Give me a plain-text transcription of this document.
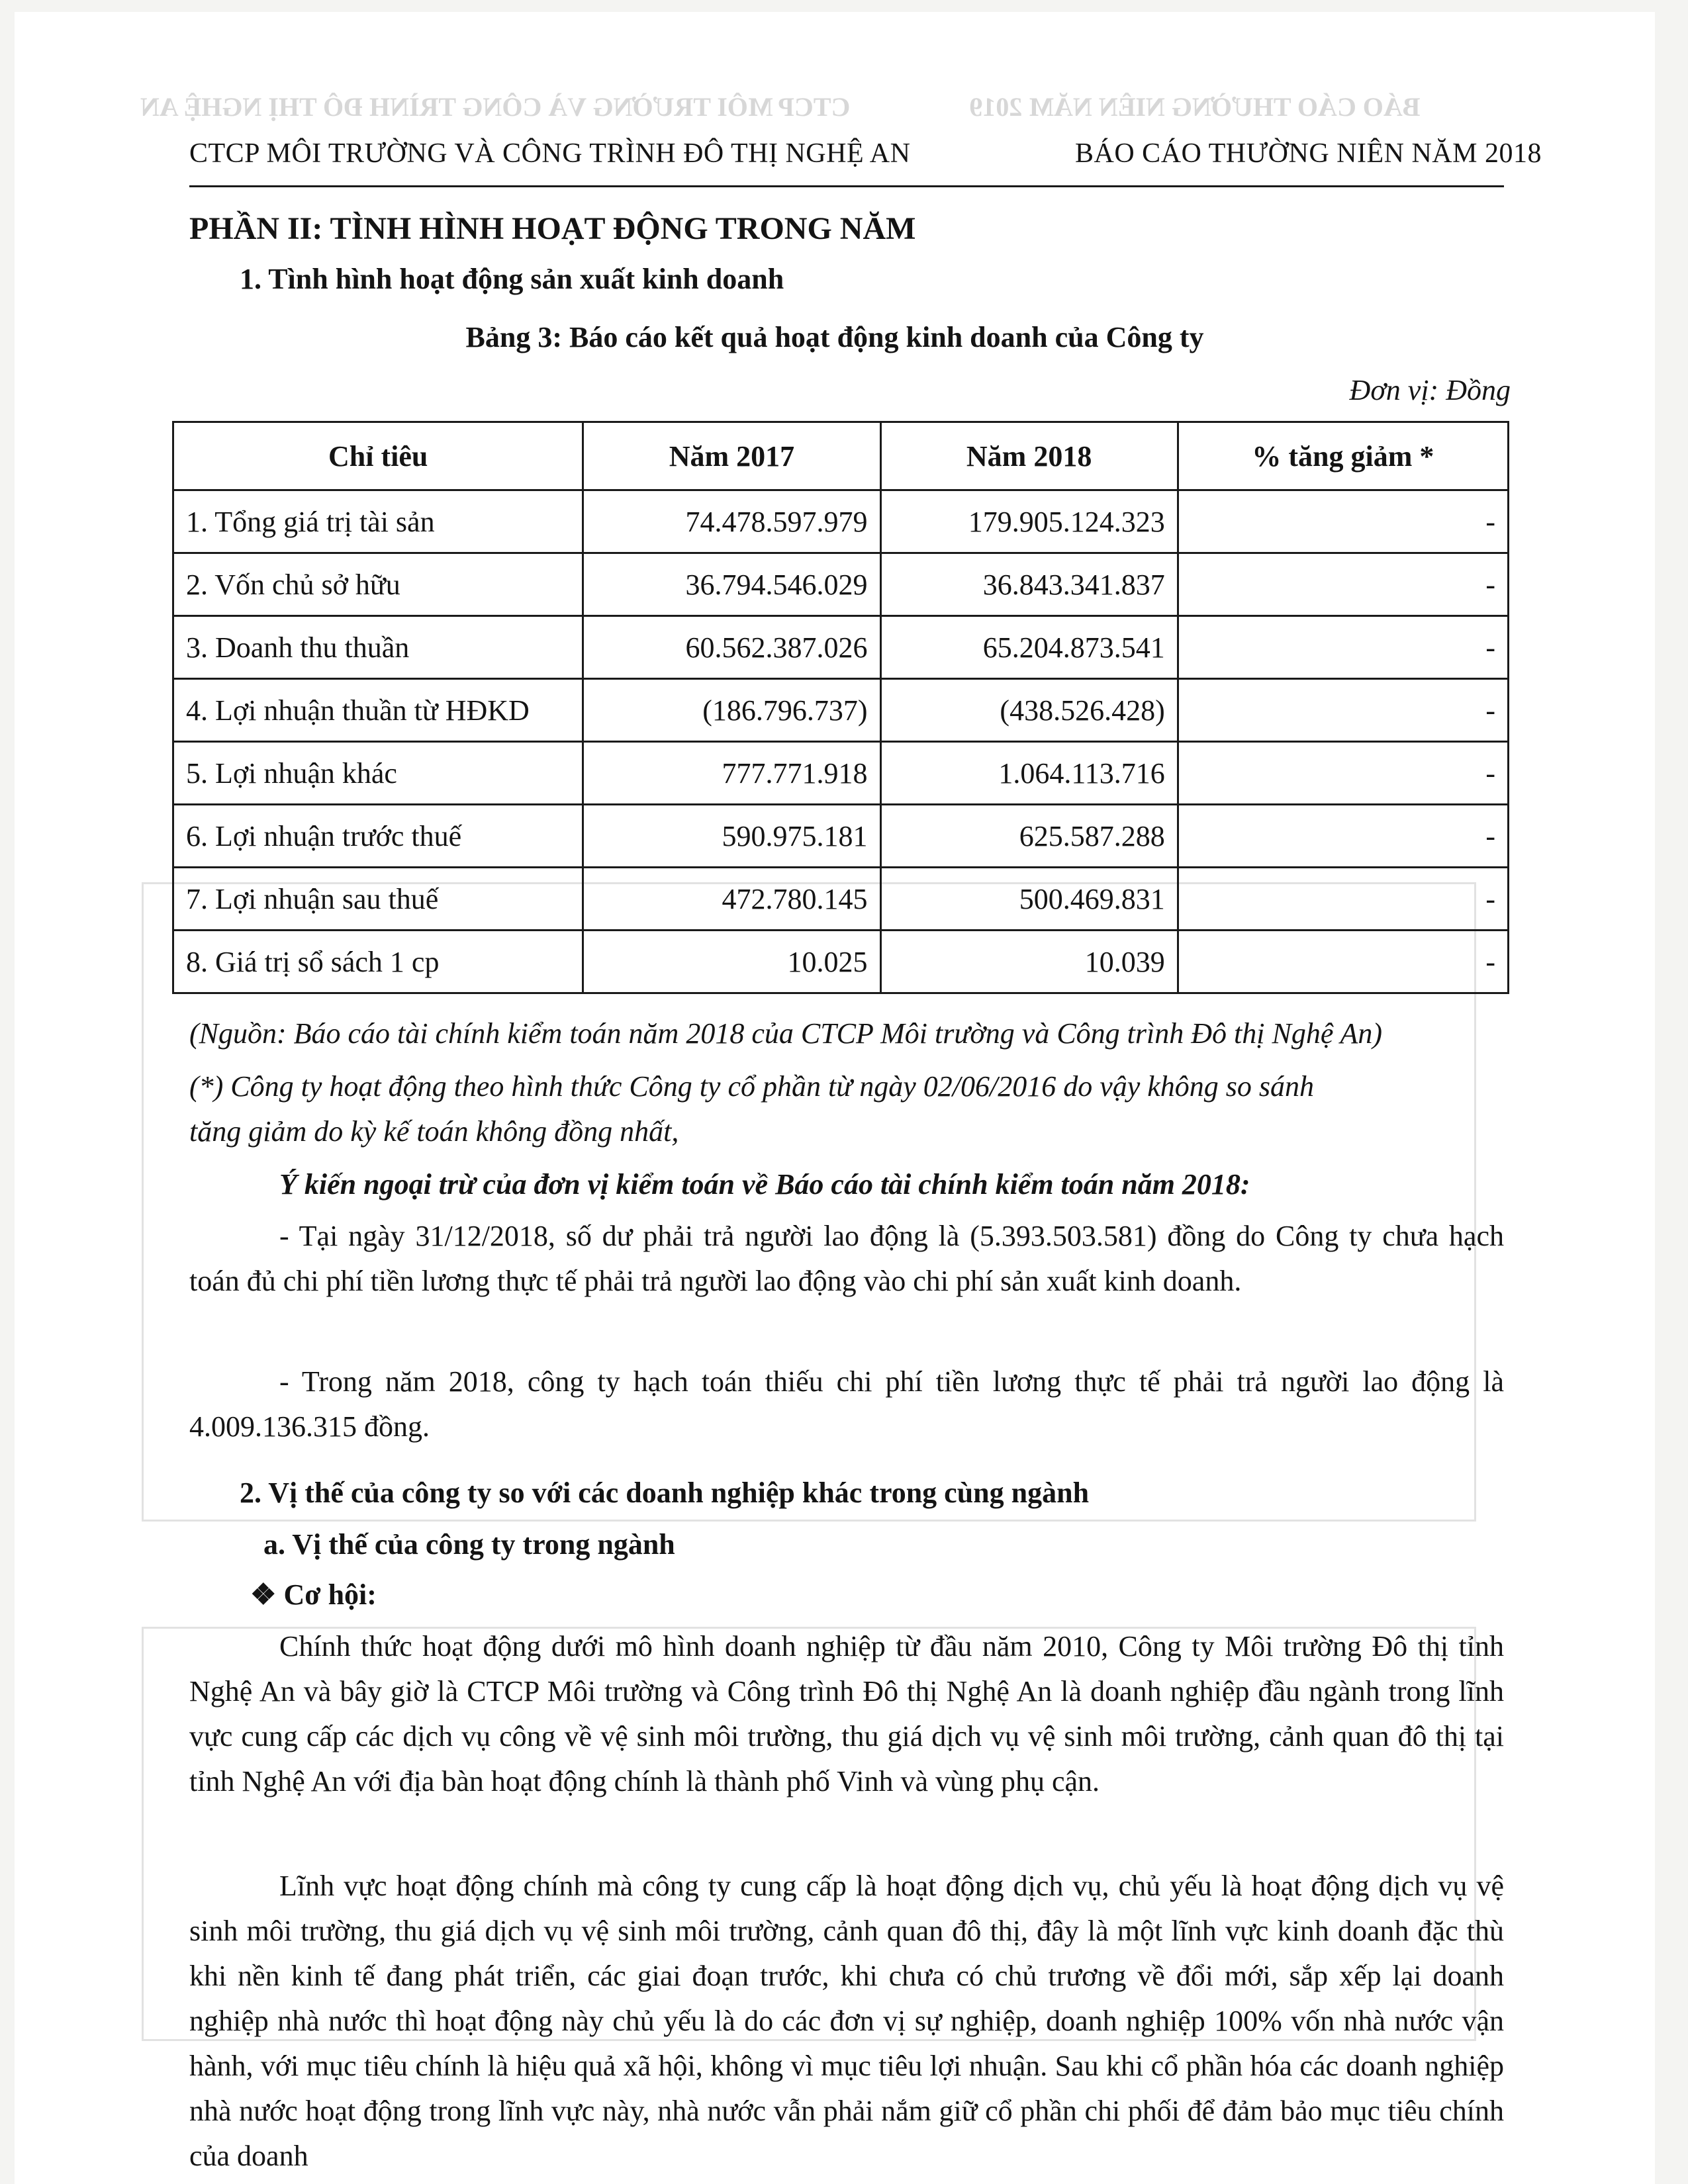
BÁO CÁO THƯỜNG NIÊN NĂM 2019                  CTCP MÔI TRƯỜNG VÀ CÔNG TRÌNH ĐÔ THỊ NGHỆ AN
CTCP MÔI TRƯỜNG VÀ CÔNG TRÌNH ĐÔ THỊ NGHỆ AN	BÁO CÁO THƯỜNG NIÊN NĂM 2018
PHẦN II: TÌNH HÌNH HOẠT ĐỘNG TRONG NĂM
1. Tình hình hoạt động sản xuất kinh doanh
Bảng 3: Báo cáo kết quả hoạt động kinh doanh của Công ty
Đơn vị: Đồng
Chỉ tiêu	Năm 2017	Năm 2018	% tăng giảm *
1. Tổng giá trị tài sản	74.478.597.979	179.905.124.323	-
2. Vốn chủ sở hữu	36.794.546.029	36.843.341.837	-
3. Doanh thu thuần	60.562.387.026	65.204.873.541	-
4. Lợi nhuận thuần từ HĐKD	(186.796.737)	(438.526.428)	-
5. Lợi nhuận khác	777.771.918	1.064.113.716	-
6. Lợi nhuận trước thuế	590.975.181	625.587.288	-
7. Lợi nhuận sau thuế	472.780.145	500.469.831	-
8. Giá trị sổ sách 1 cp	10.025	10.039	-
(Nguồn: Báo cáo tài chính kiểm toán năm 2018 của CTCP Môi trường và Công trình Đô thị Nghệ An)
(*) Công ty hoạt động theo hình thức Công ty cổ phần từ ngày 02/06/2016 do vậy không so sánh
tăng giảm do kỳ kế toán không đồng nhất,
Ý kiến ngoại trừ của đơn vị kiểm toán về Báo cáo tài chính kiểm toán năm 2018:
- Tại ngày 31/12/2018, số dư phải trả người lao động là (5.393.503.581) đồng do Công ty chưa hạch toán đủ chi phí tiền lương thực tế phải trả người lao động vào chi phí sản xuất kinh doanh.
- Trong năm 2018, công ty hạch toán thiếu chi phí tiền lương thực tế phải trả người lao động là 4.009.136.315 đồng.
2. Vị thế của công ty so với các doanh nghiệp khác trong cùng ngành
a. Vị thế của công ty trong ngành
❖ Cơ hội:
Chính thức hoạt động dưới mô hình doanh nghiệp từ đầu năm 2010, Công ty Môi trường Đô thị tỉnh Nghệ An và bây giờ là CTCP Môi trường và Công trình Đô thị Nghệ An là doanh nghiệp đầu ngành trong lĩnh vực cung cấp các dịch vụ công về vệ sinh môi trường, thu giá dịch vụ vệ sinh môi trường, cảnh quan đô thị tại tỉnh Nghệ An với địa bàn hoạt động chính là thành phố Vinh và vùng phụ cận.
Lĩnh vực hoạt động chính mà công ty cung cấp là hoạt động dịch vụ, chủ yếu là hoạt động dịch vụ vệ sinh môi trường, thu giá dịch vụ vệ sinh môi trường, cảnh quan đô thị, đây là một lĩnh vực kinh doanh đặc thù khi nền kinh tế đang phát triển, các giai đoạn trước, khi chưa có chủ trương về đổi mới, sắp xếp lại doanh nghiệp nhà nước thì hoạt động này chủ yếu là do các đơn vị sự nghiệp, doanh nghiệp 100% vốn nhà nước vận hành, với mục tiêu chính là hiệu quả xã hội, không vì mục tiêu lợi nhuận. Sau khi cổ phần hóa các doanh nghiệp nhà nước hoạt động trong lĩnh vực này, nhà nước vẫn phải nắm giữ cổ phần chi phối để đảm bảo mục tiêu chính của doanh
